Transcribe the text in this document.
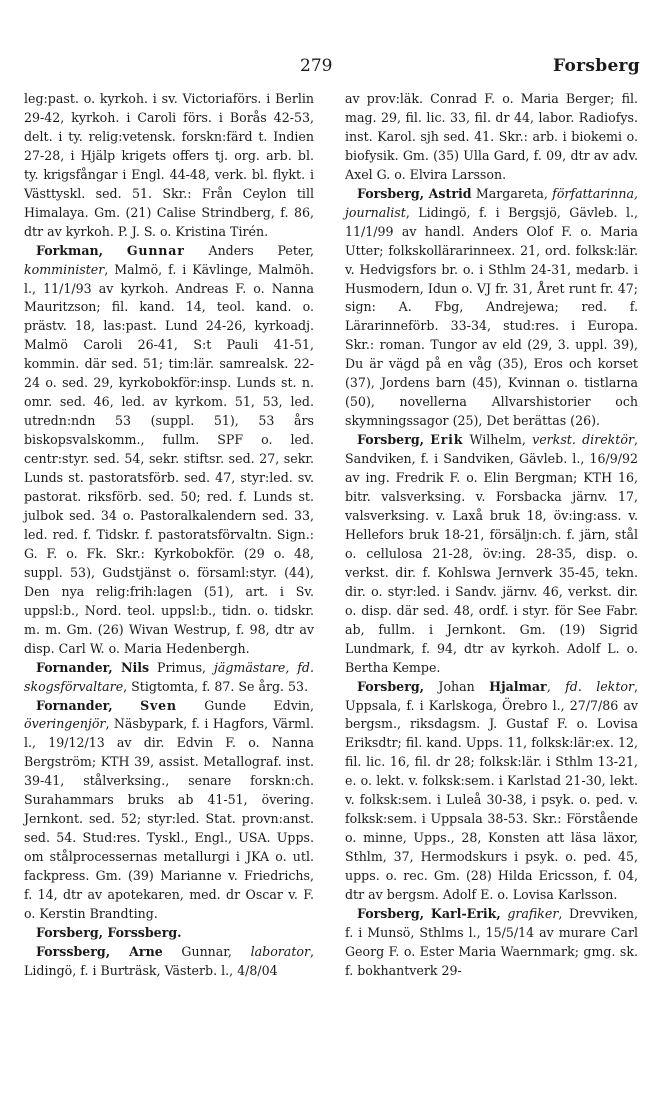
279	Forsberg

leg:past. o. kyrkoh. i sv. Victoriaförs. i Berlin 29-42, kyrkoh. i Caroli förs. i Borås 42-53, delt. i ty. relig:vetensk. forskn:färd t. Indien 27-28, i Hjälp krigets offers tj. org. arb. bl. ty. krigsfångar i Engl. 44-48, verk. bl. flykt. i Västtyskl. sed. 51. Skr.: Från Ceylon till Himalaya. Gm. (21) Calise Strindberg, f. 86, dtr av kyrkoh. P. J. S. o. Kristina Tirén.

Forkman, Gunnar Anders Peter, komminister, Malmö, f. i Kävlinge, Malmöh. l., 11/1/93 av kyrkoh. Andreas F. o. Nanna Mauritzson; fil. kand. 14, teol. kand. o. prästv. 18, las:past. Lund 24-26, kyrkoadj. Malmö Caroli 26-41, S:t Pauli 41-51, kommin. där sed. 51; tim:lär. samrealsk. 22-24 o. sed. 29, kyrkobokför:insp. Lunds st. n. omr. sed. 46, led. av kyrkom. 51, 53, led. utredn:ndn 53 (suppl. 51), 53 års biskopsvalskomm., fullm. SPF o. led. centr:styr. sed. 54, sekr. stiftsr. sed. 27, sekr. Lunds st. pastoratsförb. sed. 47, styr:led. sv. pastorat. riksförb. sed. 50; red. f. Lunds st. julbok sed. 34 o. Pastoralkalendern sed. 33, led. red. f. Tidskr. f. pastoratsförvaltn. Sign.: G. F. o. Fk. Skr.: Kyrkobokför. (29 o. 48, suppl. 53), Gudstjänst o. församl:styr. (44), Den nya relig:frih:lagen (51), art. i Sv. uppsl:b., Nord. teol. uppsl:b., tidn. o. tidskr. m. m. Gm. (26) Wivan Westrup, f. 98, dtr av disp. Carl W. o. Maria Hedenbergh.

Fornander, Nils Primus, jägmästare, fd. skogsförvaltare, Stigtomta, f. 87. Se årg. 53.

Fornander, Sven Gunde Edvin, överingenjör, Näsbypark, f. i Hagfors, Värml. l., 19/12/13 av dir. Edvin F. o. Nanna Bergström; KTH 39, assist. Metallograf. inst. 39-41, stålverksing., senare forskn:ch. Surahammars bruks ab 41-51, övering. Jernkont. sed. 52; styr:led. Stat. provn:anst. sed. 54. Stud:res. Tyskl., Engl., USA. Upps. om stålprocessernas metallurgi i JKA o. utl. fackpress. Gm. (39) Marianne v. Friedrichs, f. 14, dtr av apotekaren, med. dr Oscar v. F. o. Kerstin Brandting.

Forsberg, Forssberg.

Forssberg, Arne Gunnar, laborator, Lidingö, f. i Burträsk, Västerb. l., 4/8/04

av prov:läk. Conrad F. o. Maria Berger; fil. mag. 29, fil. lic. 33, fil. dr 44, labor. Radiofys. inst. Karol. sjh sed. 41. Skr.: arb. i biokemi o. biofysik. Gm. (35) Ulla Gard, f. 09, dtr av adv. Axel G. o. Elvira Larsson.

Forsberg, Astrid Margareta, författarinna, journalist, Lidingö, f. i Bergsjö, Gävleb. l., 11/1/99 av handl. Anders Olof F. o. Maria Utter; folkskollärarinneex. 21, ord. folksk:lär. v. Hedvigsfors br. o. i Sthlm 24-31, medarb. i Husmodern, Idun o. VJ fr. 31, Året runt fr. 47; sign: A. Fbg, Andrejewa; red. f. Lärarinneförb. 33-34, stud:res. i Europa. Skr.: roman. Tungor av eld (29, 3. uppl. 39), Du är vägd på en våg (35), Eros och korset (37), Jordens barn (45), Kvinnan o. tistlarna (50), novellerna Allvarshistorier och skymningssagor (25), Det berättas (26).

Forsberg, Erik Wilhelm, verkst. direktör, Sandviken, f. i Sandviken, Gävleb. l., 16/9/92 av ing. Fredrik F. o. Elin Bergman; KTH 16, bitr. valsverksing. v. Forsbacka järnv. 17, valsverksing. v. Laxå bruk 18, öv:ing:ass. v. Hellefors bruk 18-21, försäljn:ch. f. järn, stål o. cellulosa 21-28, öv:ing. 28-35, disp. o. verkst. dir. f. Kohlswa Jernverk 35-45, tekn. dir. o. styr:led. i Sandv. järnv. 46, verkst. dir. o. disp. där sed. 48, ordf. i styr. för See Fabr. ab, fullm. i Jernkont. Gm. (19) Sigrid Lundmark, f. 94, dtr av kyrkoh. Adolf L. o. Bertha Kempe.

Forsberg, Johan Hjalmar, fd. lektor, Uppsala, f. i Karlskoga, Örebro l., 27/7/86 av bergsm., riksdagsm. J. Gustaf F. o. Lovisa Eriksdtr; fil. kand. Upps. 11, folksk:lär:ex. 12, fil. lic. 16, fil. dr 28; folksk:lär. i Sthlm 13-21, e. o. lekt. v. folksk:sem. i Karlstad 21-30, lekt. v. folksk:sem. i Luleå 30-38, i psyk. o. ped. v. folksk:sem. i Uppsala 38-53. Skr.: Förstående o. minne, Upps., 28, Konsten att läsa läxor, Sthlm, 37, Hermodskurs i psyk. o. ped. 45, upps. o. rec. Gm. (28) Hilda Ericsson, f. 04, dtr av bergsm. Adolf E. o. Lovisa Karlsson.

Forsberg, Karl-Erik, grafiker, Drevviken, f. i Munsö, Sthlms l., 15/5/14 av murare Carl Georg F. o. Ester Maria Waernmark; gmg. sk. f. bokhantverk 29-
